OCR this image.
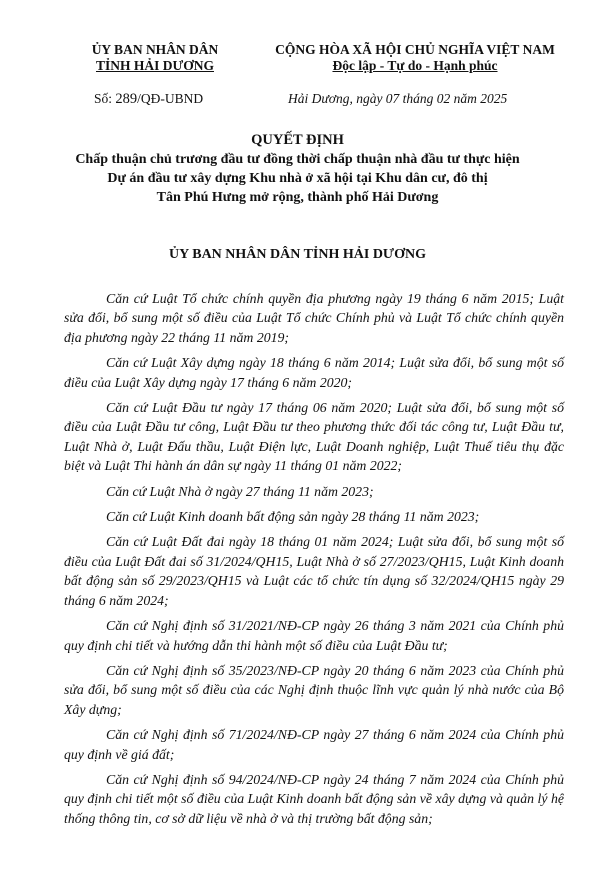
ỦY BAN NHÂN DÂN
TỈNH HẢI DƯƠNG
CỘNG HÒA XÃ HỘI CHỦ NGHĨA VIỆT NAM
Độc lập - Tự do - Hạnh phúc
Số: 289/QĐ-UBND	Hải Dương, ngày 07 tháng 02 năm 2025
QUYẾT ĐỊNH
Chấp thuận chủ trương đầu tư đồng thời chấp thuận nhà đầu tư thực hiện
Dự án đầu tư xây dựng Khu nhà ở xã hội tại Khu dân cư, đô thị
Tân Phú Hưng mở rộng, thành phố Hải Dương
ỦY BAN NHÂN DÂN TỈNH HẢI DƯƠNG

Căn cứ Luật Tổ chức chính quyền địa phương ngày 19 tháng 6 năm 2015; Luật sửa đổi, bổ sung một số điều của Luật Tổ chức Chính phủ và Luật Tổ chức chính quyền địa phương ngày 22 tháng 11 năm 2019;

Căn cứ Luật Xây dựng ngày 18 tháng 6 năm 2014; Luật sửa đổi, bổ sung một số điều của Luật Xây dựng ngày 17 tháng 6 năm 2020;

Căn cứ Luật Đầu tư ngày 17 tháng 06 năm 2020; Luật sửa đổi, bổ sung một số điều của Luật Đầu tư công, Luật Đầu tư theo phương thức đối tác công tư, Luật Đầu tư, Luật Nhà ở, Luật Đấu thầu, Luật Điện lực, Luật Doanh nghiệp, Luật Thuế tiêu thụ đặc biệt và Luật Thi hành án dân sự ngày 11 tháng 01 năm 2022;

Căn cứ Luật Nhà ở ngày 27 tháng 11 năm 2023;

Căn cứ Luật Kinh doanh bất động sản ngày 28 tháng 11 năm 2023;

Căn cứ Luật Đất đai ngày 18 tháng 01 năm 2024; Luật sửa đổi, bổ sung một số điều của Luật Đất đai số 31/2024/QH15, Luật Nhà ở số 27/2023/QH15, Luật Kinh doanh bất động sản số 29/2023/QH15 và Luật các tổ chức tín dụng số 32/2024/QH15 ngày 29 tháng 6 năm 2024;

Căn cứ Nghị định số 31/2021/NĐ-CP ngày 26 tháng 3 năm 2021 của Chính phủ quy định chi tiết và hướng dẫn thi hành một số điều của Luật Đầu tư;

Căn cứ Nghị định số 35/2023/NĐ-CP ngày 20 tháng 6 năm 2023 của Chính phủ sửa đổi, bổ sung một số điều của các Nghị định thuộc lĩnh vực quản lý nhà nước của Bộ Xây dựng;

Căn cứ Nghị định số 71/2024/NĐ-CP ngày 27 tháng 6 năm 2024 của Chính phủ quy định về giá đất;

Căn cứ Nghị định số 94/2024/NĐ-CP ngày 24 tháng 7 năm 2024 của Chính phủ quy định chi tiết một số điều của Luật Kinh doanh bất động sản về xây dựng và quản lý hệ thống thông tin, cơ sở dữ liệu về nhà ở và thị trường bất động sản;
